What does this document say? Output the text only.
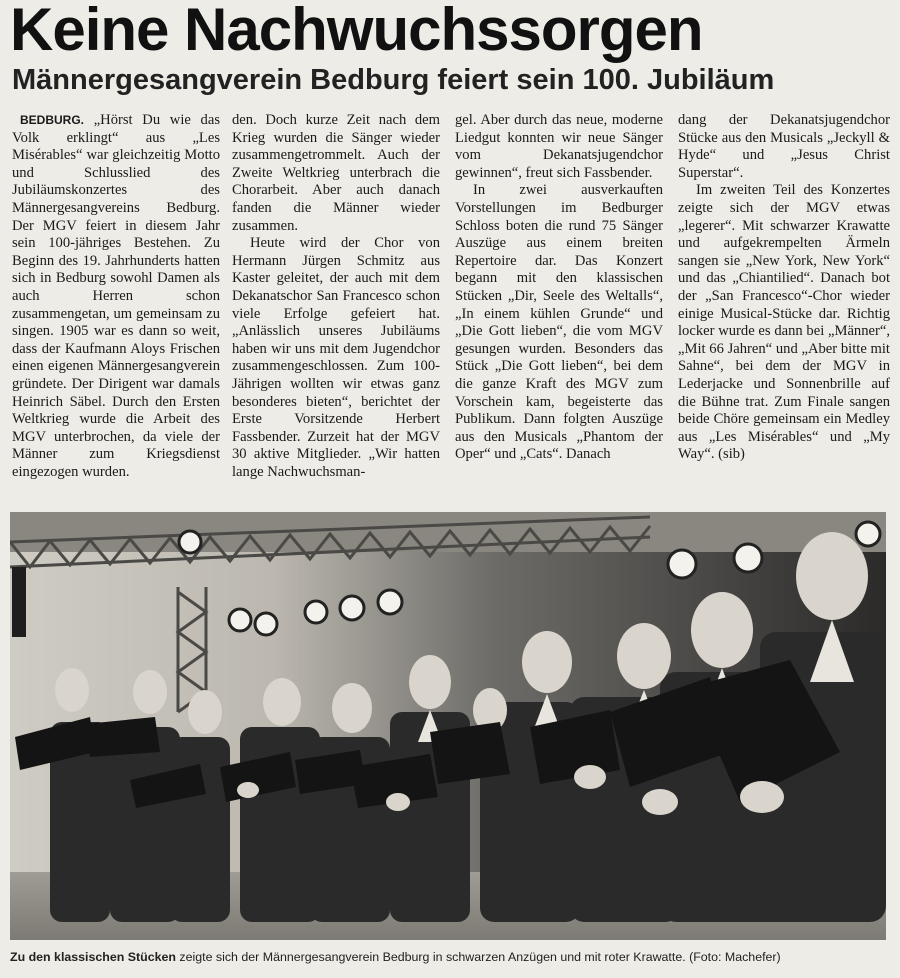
Keine Nachwuchssorgen
Männergesangverein Bedburg feiert sein 100. Jubiläum

BEDBURG. „Hörst Du wie das Volk erklingt“ aus „Les Misérables“ war gleichzeitig Motto und Schlusslied des Jubiläumskonzertes des Männergesangvereins Bedburg. Der MGV feiert in diesem Jahr sein 100-jähriges Bestehen. Zu Beginn des 19. Jahrhunderts hatten sich in Bedburg sowohl Damen als auch Herren schon zusammengetan, um gemeinsam zu singen. 1905 war es dann so weit, dass der Kaufmann Aloys Frischen einen eigenen Männergesangverein gründete. Der Dirigent war damals Heinrich Säbel. Durch den Ersten Weltkrieg wurde die Arbeit des MGV unterbrochen, da viele der Männer zum Kriegsdienst eingezogen wurden.

den. Doch kurze Zeit nach dem Krieg wurden die Sänger wieder zusammengetrommelt. Auch der Zweite Weltkrieg unterbrach die Chorarbeit. Aber auch danach fanden die Männer wieder zusammen.

Heute wird der Chor von Hermann Jürgen Schmitz aus Kaster geleitet, der auch mit dem Dekanatschor San Francesco schon viele Erfolge gefeiert hat. „Anlässlich unseres Jubiläums haben wir uns mit dem Jugendchor zusammengeschlossen. Zum 100-Jährigen wollten wir etwas ganz besonderes bieten“, berichtet der Erste Vorsitzende Herbert Fassbender. Zurzeit hat der MGV 30 aktive Mitglieder. „Wir hatten lange Nachwuchsman-

gel. Aber durch das neue, moderne Liedgut konnten wir neue Sänger vom Dekanatsjugendchor gewinnen“, freut sich Fassbender.

In zwei ausverkauften Vorstellungen im Bedburger Schloss boten die rund 75 Sänger Auszüge aus einem breiten Repertoire dar. Das Konzert begann mit den klassischen Stücken „Dir, Seele des Weltalls“, „In einem kühlen Grunde“ und „Die Gott lieben“, die vom MGV gesungen wurden. Besonders das Stück „Die Gott lieben“, bei dem die ganze Kraft des MGV zum Vorschein kam, begeisterte das Publikum. Dann folgten Auszüge aus den Musicals „Phantom der Oper“ und „Cats“. Danach

dang der Dekanatsjugendchor Stücke aus den Musicals „Jeckyll & Hyde“ und „Jesus Christ Superstar“.

Im zweiten Teil des Konzertes zeigte sich der MGV etwas „legerer“. Mit schwarzer Krawatte und aufgekrempelten Ärmeln sangen sie „New York, New York“ und das „Chiantilied“. Danach bot der „San Francesco“-Chor wieder einige Musical-Stücke dar. Richtig locker wurde es dann bei „Männer“, „Mit 66 Jahren“ und „Aber bitte mit Sahne“, bei dem der MGV in Lederjacke und Sonnenbrille auf die Bühne trat. Zum Finale sangen beide Chöre gemeinsam ein Medley aus „Les Misérables“ und „My Way“. (sib)

Zu den klassischen Stücken zeigte sich der Männergesangverein Bedburg in schwarzen Anzügen und mit roter Krawatte. (Foto: Machefer)
